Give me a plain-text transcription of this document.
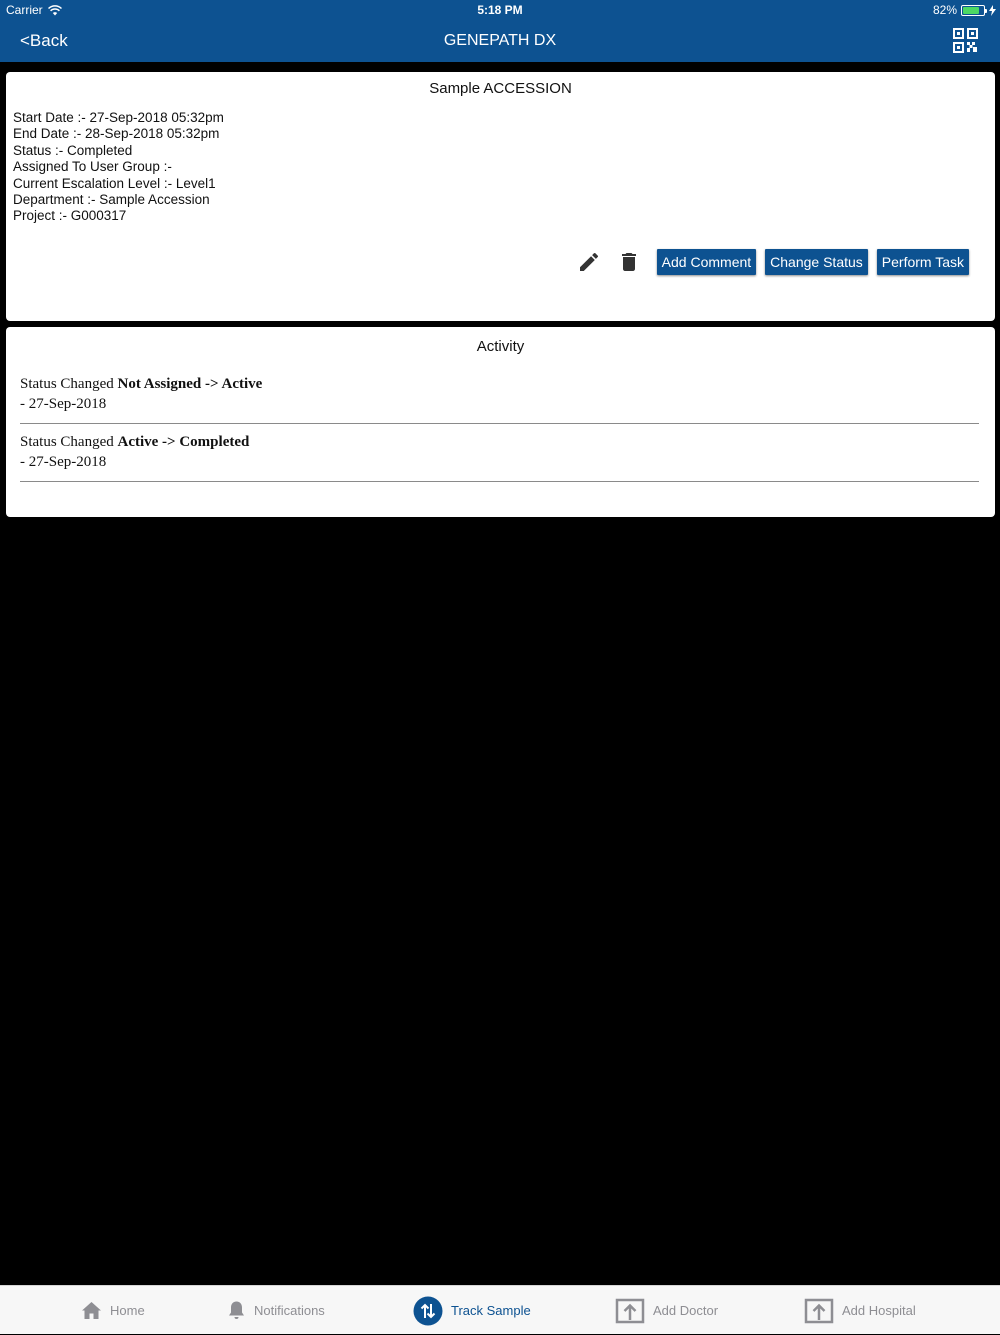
Carrier	5:18 PM	82%
<Back	GENEPATH DX
Sample ACCESSION
Start Date :- 27-Sep-2018 05:32pm
End Date :- 28-Sep-2018 05:32pm
Status :- Completed
Assigned To User Group :-
Current Escalation Level :- Level1
Department :- Sample Accession
Project :- G000317
Add Comment	Change Status	Perform Task
Activity
Status Changed Not Assigned -> Active
- 27-Sep-2018
Status Changed Active -> Completed
- 27-Sep-2018
Home	Notifications	Track Sample	Add Doctor	Add Hospital
